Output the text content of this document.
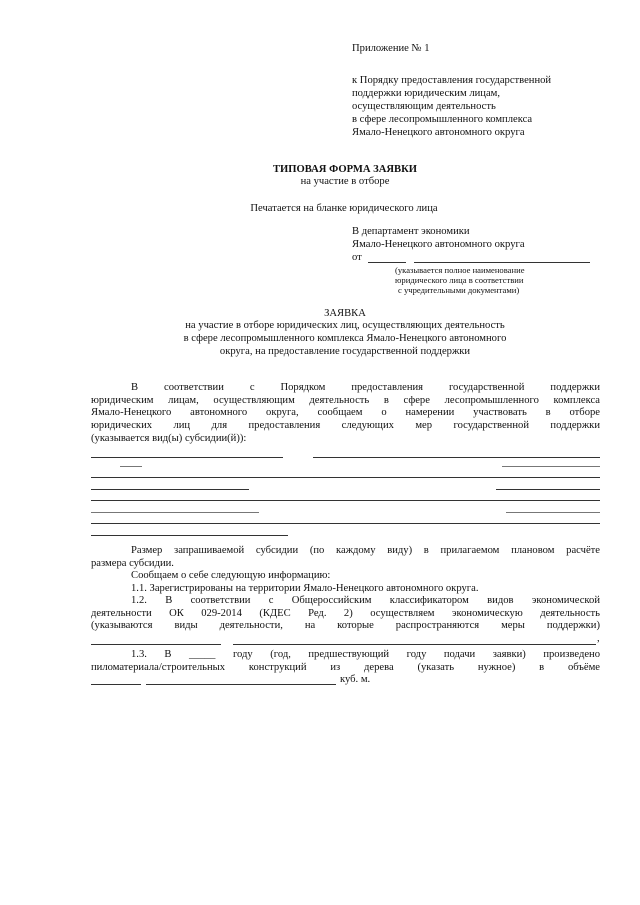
Приложение № 1
к Порядку предоставления государственной
поддержки юридическим лицам,
осуществляющим деятельность
в сфере лесопромышленного комплекса
Ямало-Ненецкого автономного округа
ТИПОВАЯ ФОРМА ЗАЯВКИ
на участие в отборе
Печатается на бланке юридического лица
В департамент экономики
Ямало-Ненецкого автономного округа
от
(указывается полное наименование
юридического лица в соответствии
с учредительными документами)
ЗАЯВКА
на участие в отборе юридических лиц, осуществляющих деятельность
в сфере лесопромышленного комплекса Ямало-Ненецкого автономного
округа, на предоставление государственной поддержки
В соответствии с Порядком предоставления государственной поддержки
юридическим лицам, осуществляющим деятельность в сфере лесопромышленного комплекса
Ямало-Ненецкого автономного округа, сообщаем о намерении участвовать в отборе
юридических лиц для предоставления следующих мер государственной поддержки
(указывается вид(ы) субсидии(й)):
Размер запрашиваемой субсидии (по каждому виду) в прилагаемом плановом расчёте
размера субсидии.
Сообщаем о себе следующую информацию:
1.1. Зарегистрированы на территории Ямало-Ненецкого автономного округа.
1.2. В соответствии с Общероссийским классификатором видов экономической
деятельности ОК 029-2014 (КДЕС Ред. 2) осуществляем экономическую деятельность
(указываются виды деятельности, на которые распространяются меры поддержки)
,
1.3. В _____ году (год, предшествующий году подачи заявки) произведено
пиломатериала/строительных конструкций из дерева (указать нужное) в объёме
куб. м.
